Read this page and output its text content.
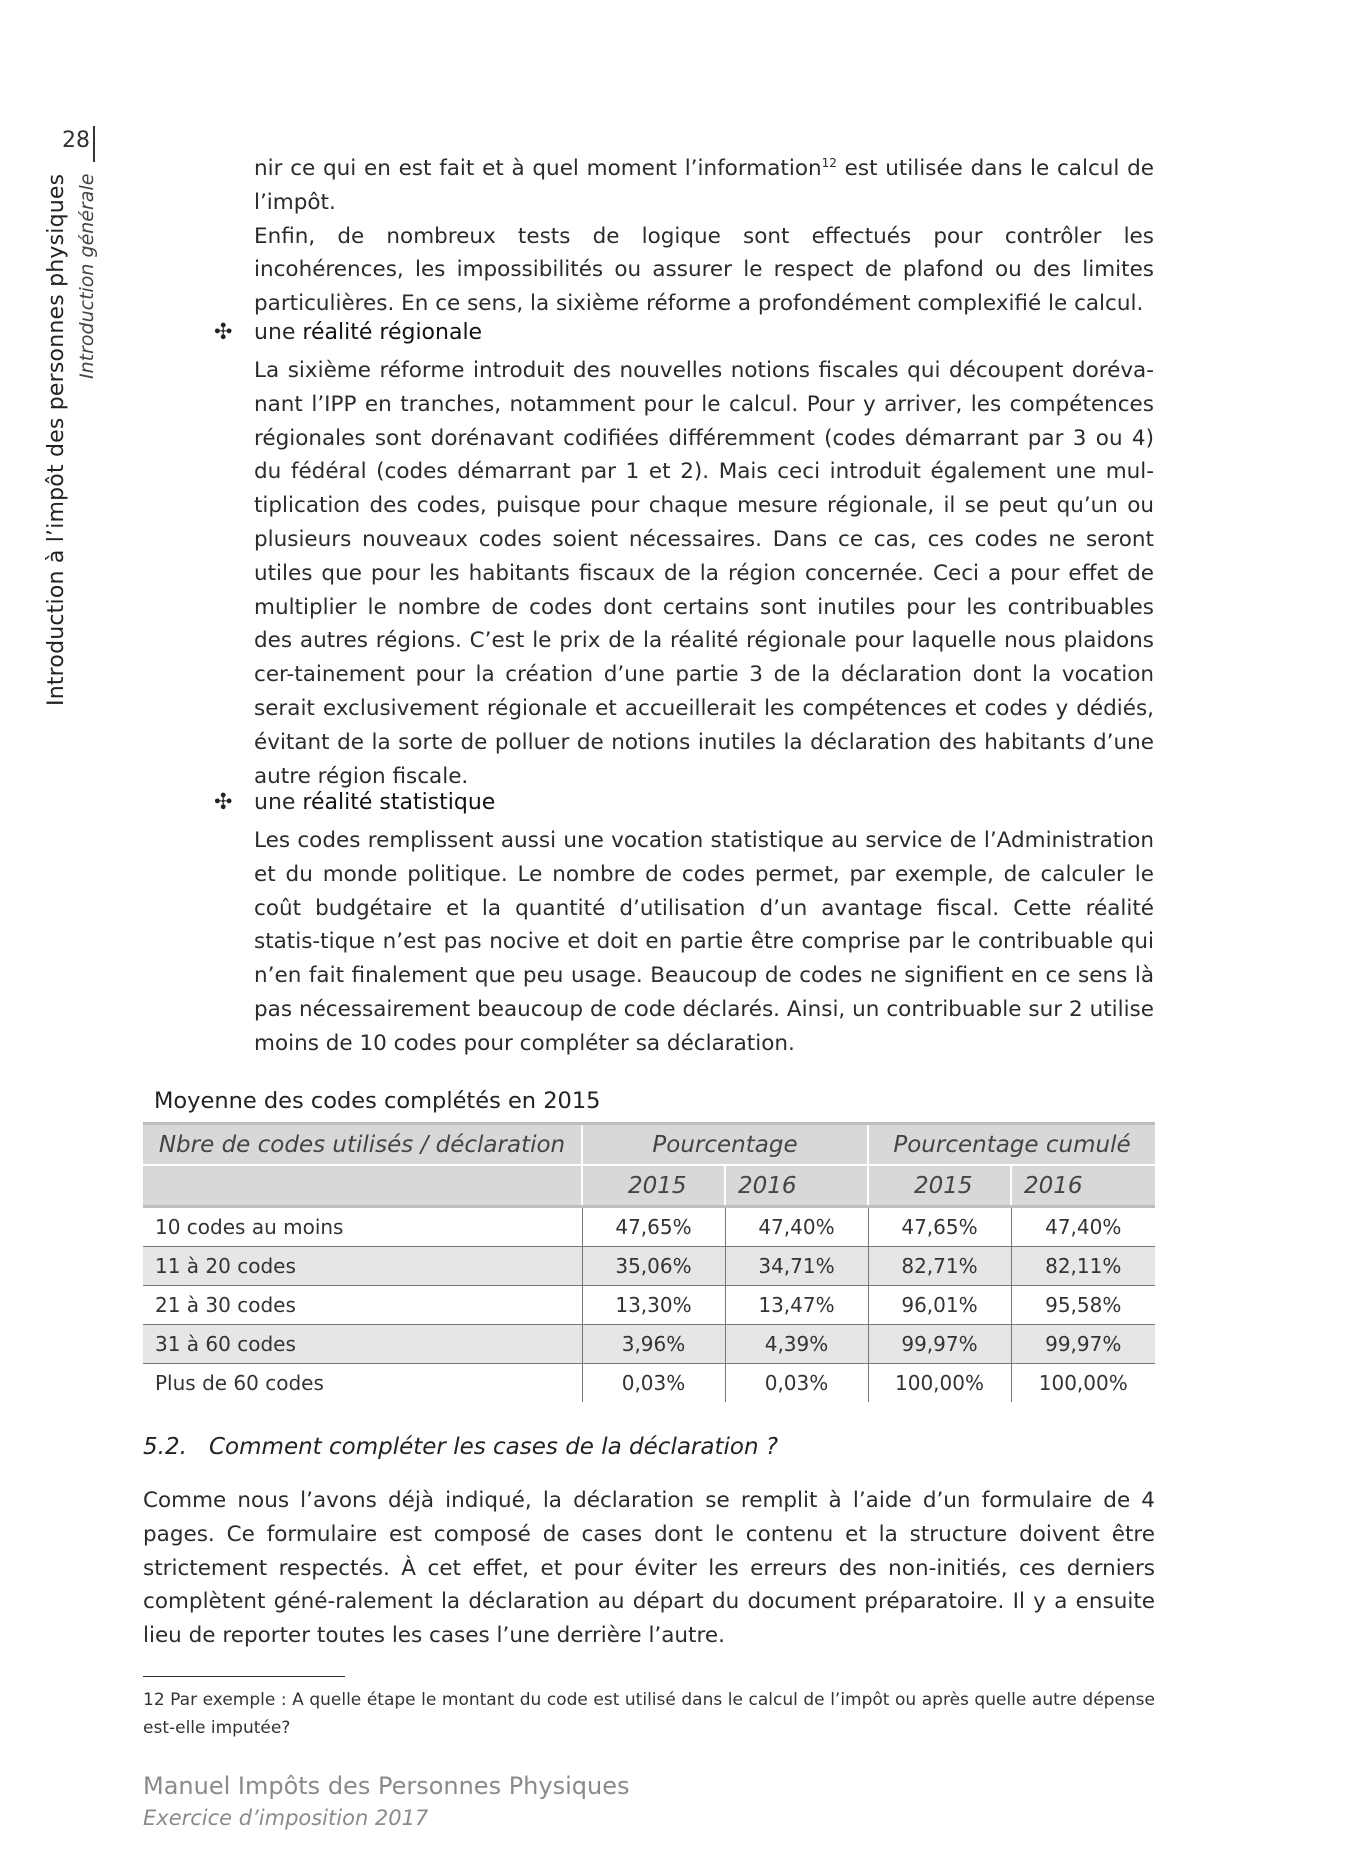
28
Introduction à l’impôt des personnes physiques Introduction générale

nir ce qui en est fait et à quel moment l’information$^{12}$ est utilisée dans le calcul de l’impôt.

Enfin, de nombreux tests de logique sont effectués pour contrôler les incohérences, les impossibilités ou assurer le respect de plafond ou des limites particulières. En ce sens, la sixième réforme a profondément complexifié le calcul.

✣ une réalité régionale
La sixième réforme introduit des nouvelles notions fiscales qui découpent doréva-nant l’IPP en tranches, notamment pour le calcul. Pour y arriver, les compétences régionales sont dorénavant codifiées différemment (codes démarrant par 3 ou 4) du fédéral (codes démarrant par 1 et 2). Mais ceci introduit également une mul-tiplication des codes, puisque pour chaque mesure régionale, il se peut qu’un ou plusieurs nouveaux codes soient nécessaires. Dans ce cas, ces codes ne seront utiles que pour les habitants fiscaux de la région concernée. Ceci a pour effet de multiplier le nombre de codes dont certains sont inutiles pour les contribuables des autres régions. C’est le prix de la réalité régionale pour laquelle nous plaidons cer-tainement pour la création d’une partie 3 de la déclaration dont la vocation serait exclusivement régionale et accueillerait les compétences et codes y dédiés, évitant de la sorte de polluer de notions inutiles la déclaration des habitants d’une autre région fiscale.
✣ une réalité statistique
Les codes remplissent aussi une vocation statistique au service de l’Administration et du monde politique. Le nombre de codes permet, par exemple, de calculer le coût budgétaire et la quantité d’utilisation d’un avantage fiscal. Cette réalité statis-tique n’est pas nocive et doit en partie être comprise par le contribuable qui n’en fait finalement que peu usage. Beaucoup de codes ne signifient en ce sens là pas nécessairement beaucoup de code déclarés. Ainsi, un contribuable sur 2 utilise moins de 10 codes pour compléter sa déclaration.
Moyenne des codes complétés en 2015
Nbre de codes utilisés / déclaration	Pourcentage		Pourcentage cumulé	
	2015	2016	2015	2016
10 codes au moins	47,65%	47,40%	47,65%	47,40%
11 à 20 codes	35,06%	34,71%	82,71%	82,11%
21 à 30 codes	13,30%	13,47%	96,01%	95,58%
31 à 60 codes	3,96%	4,39%	99,97%	99,97%
Plus de 60 codes	0,03%	0,03%	100,00%	100,00%
5.2. Comment compléter les cases de la déclaration ?
Comme nous l’avons déjà indiqué, la déclaration se remplit à l’aide d’un formulaire de 4 pages. Ce formulaire est composé de cases dont le contenu et la structure doivent être strictement respectés. À cet effet, et pour éviter les erreurs des non-initiés, ces derniers complètent géné-ralement la déclaration au départ du document préparatoire. Il y a ensuite lieu de reporter toutes les cases l’une derrière l’autre.
12 Par exemple : A quelle étape le montant du code est utilisé dans le calcul de l’impôt ou après quelle autre dépense est-elle imputée?
Manuel Impôts des Personnes Physiques
Exercice d’imposition 2017
